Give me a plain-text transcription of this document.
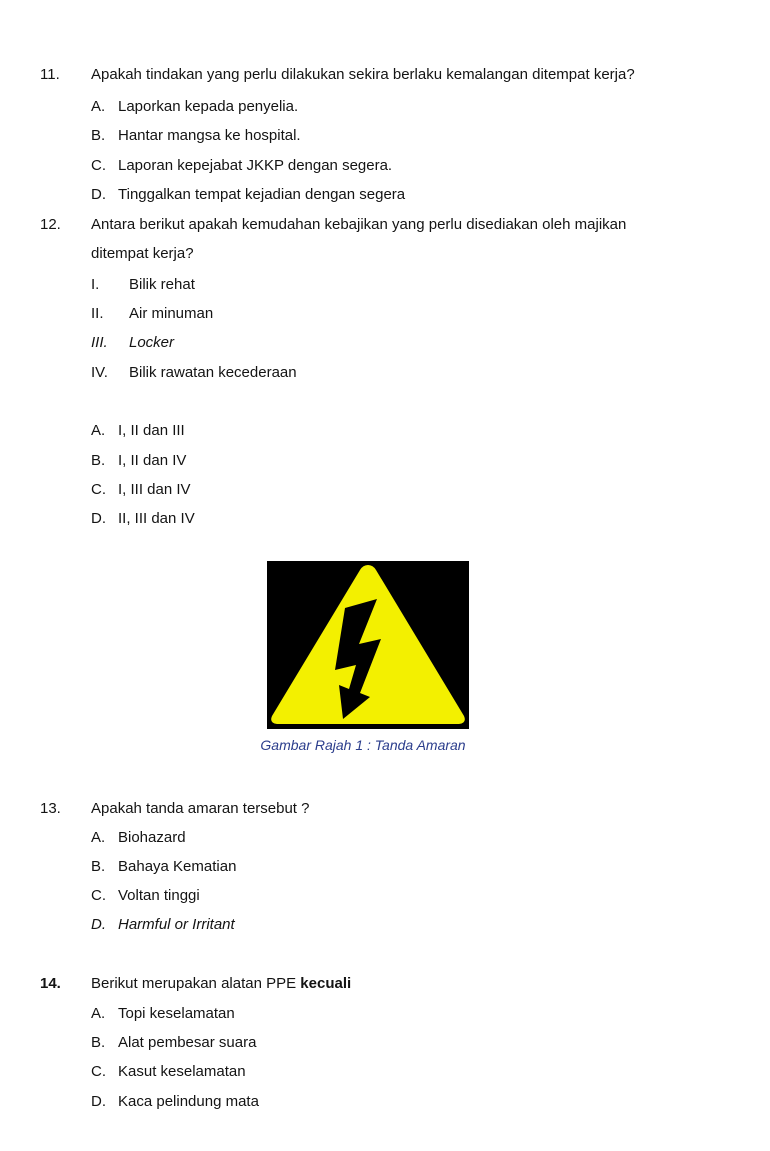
11. Apakah tindakan yang perlu dilakukan sekira berlaku kemalangan ditempat kerja?
A. Laporkan kepada penyelia.
B. Hantar mangsa ke hospital.
C. Laporan kepejabat JKKP dengan segera.
D. Tinggalkan tempat kejadian dengan segera
12. Antara berikut apakah kemudahan kebajikan yang perlu disediakan oleh majikan
ditempat kerja?
I. Bilik rehat
II. Air minuman
III. Locker
IV. Bilik rawatan kecederaan
A. I, II dan III
B. I, II dan IV
C. I, III dan IV
D. II, III dan IV
Gambar Rajah 1 : Tanda Amaran
13. Apakah tanda amaran tersebut ?
A. Biohazard
B. Bahaya Kematian
C. Voltan tinggi
D. Harmful or Irritant
14. Berikut merupakan alatan PPE kecuali
A. Topi keselamatan
B. Alat pembesar suara
C. Kasut keselamatan
D. Kaca pelindung mata
